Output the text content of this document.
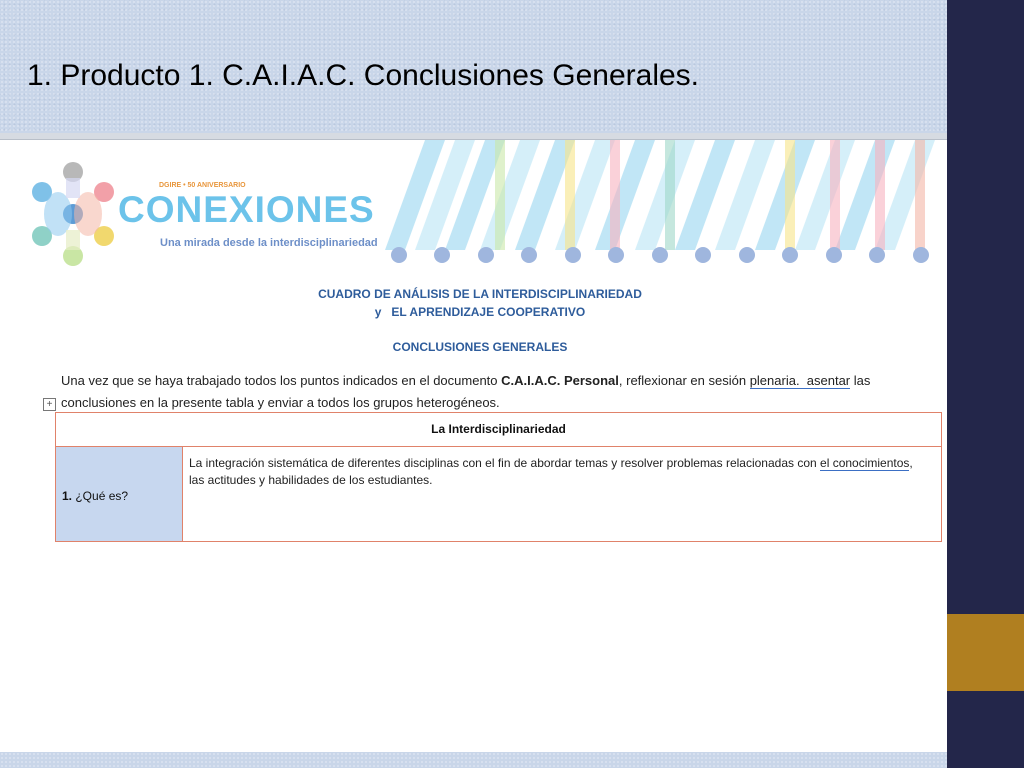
1. Producto 1. C.A.I.A.C. Conclusiones Generales.
DGIRE • 50 ANIVERSARIO
CONEXIONES
Una mirada desde la interdisciplinariedad
CUADRO DE ANÁLISIS DE LA INTERDISCIPLINARIEDAD
y   EL APRENDIZAJE COOPERATIVO
CONCLUSIONES GENERALES
Una vez que se haya trabajado todos los puntos indicados en el documento C.A.I.A.C. Personal, reflexionar en sesión plenaria.  asentar las conclusiones en la presente tabla y enviar a todos los grupos heterogéneos.
+
La Interdisciplinariedad
1. ¿Qué es?
La integración sistemática de diferentes disciplinas con el fin de abordar temas y resolver problemas relacionadas con el conocimientos, las actitudes y habilidades de los estudiantes.
